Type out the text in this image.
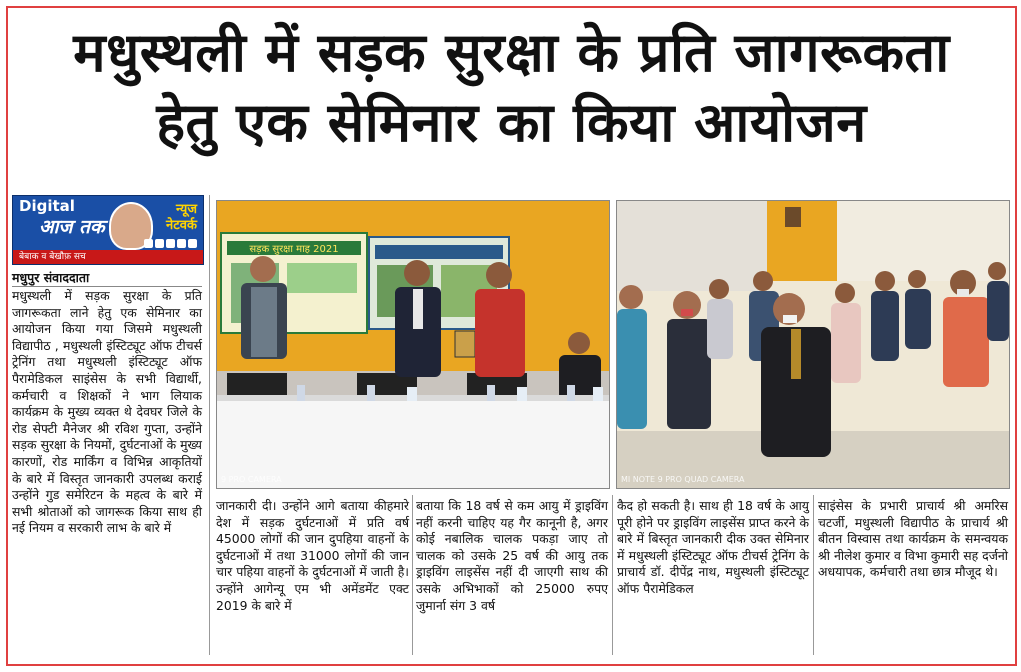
मधुस्थली में सड़क सुरक्षा के प्रति जागरूकता
हेतु एक सेमिनार का किया आयोजन
Digital
आज तक
न्यूज नेटवर्क
बेबाक व बेखौफ़ सच
मधुपुर संवाददाता
मधुस्थली में सड़क सुरक्षा के प्रति जागरूकता लाने हेतु एक सेमिनार का आयोजन किया गया जिसमे मधुस्थली विद्यापीठ , मधुस्थली इंस्टिट्यूट ऑफ टीचर्स ट्रेनिंग तथा मधुस्थली इंस्टिट्यूट ऑफ पैरामेडिकल साइंसेस के सभी विद्यार्थी, कर्मचारी व शिक्षकों ने भाग लियाक कार्यक्रम के मुख्य व्यक्त थे देवघर जिले के रोड सेफ्टी मैनेजर श्री रविश गुप्ता, उन्होंने सड़क सुरक्षा के नियमों, दुर्घटनाओं के मुख्य कारणों, रोड मार्किंग व विभिन्न आकृतियों के बारे में विस्तृत जानकारी उपलब्ध कराई उन्होंने गुड समेरिटन के महत्व के बारे में सभी श्रोताओं को जागरूक किया साथ ही नई नियम व सरकारी लाभ के बारे में
सड़क सुरक्षा माह 2021
9 PRO CAMERA	MI NOTE 9 PRO QUAD CAMERA
जानकारी दी। उन्होंने आगे बताया कीहमारे देश में सड़क दुर्घटनाओं में प्रति वर्ष 45000 लोगों की जान दुपहिया वाहनों के दुर्घटनाओं में तथा 31000 लोगों की जान चार पहिया वाहनों के दुर्घटनाओं में जाती है। उन्होंने आगेन्यू एम भी अमेंडमेंट एक्ट 2019 के बारे में
बताया कि 18 वर्ष से कम आयु में ड्राइविंग नहीं करनी चाहिए यह गैर कानूनी है, अगर कोई नबालिक चालक पकड़ा जाए तो चालक को उसके 25 वर्ष की आयु तक ड्राइविंग लाइसेंस नहीं दी जाएगी साथ की उसके अभिभाकों को 25000 रुपए जुमार्ना संग 3 वर्ष
कैद हो सकती है। साथ ही 18 वर्ष के आयु पूरी होने पर ड्राइविंग लाइसेंस प्राप्त करने के बारे में बिस्तृत जानकारी दीक उक्त सेमिनार में मधुस्थली इंस्टिट्यूट ऑफ टीचर्स ट्रेनिंग के प्राचार्य डॉ. दीपेंद्र नाथ, मधुस्थली इंस्टिट्यूट ऑफ पैरामेडिकल
साइंसेस के प्रभारी प्राचार्य श्री अमरिस चटर्जी, मधुस्थली विद्यापीठ के प्राचार्य श्री बीतन विस्वास तथा कार्यक्रम के समन्वयक श्री नीलेश कुमार व विभा कुमारी सह दर्जनो अधयापक, कर्मचारी तथा छात्र मौजूद थे।
